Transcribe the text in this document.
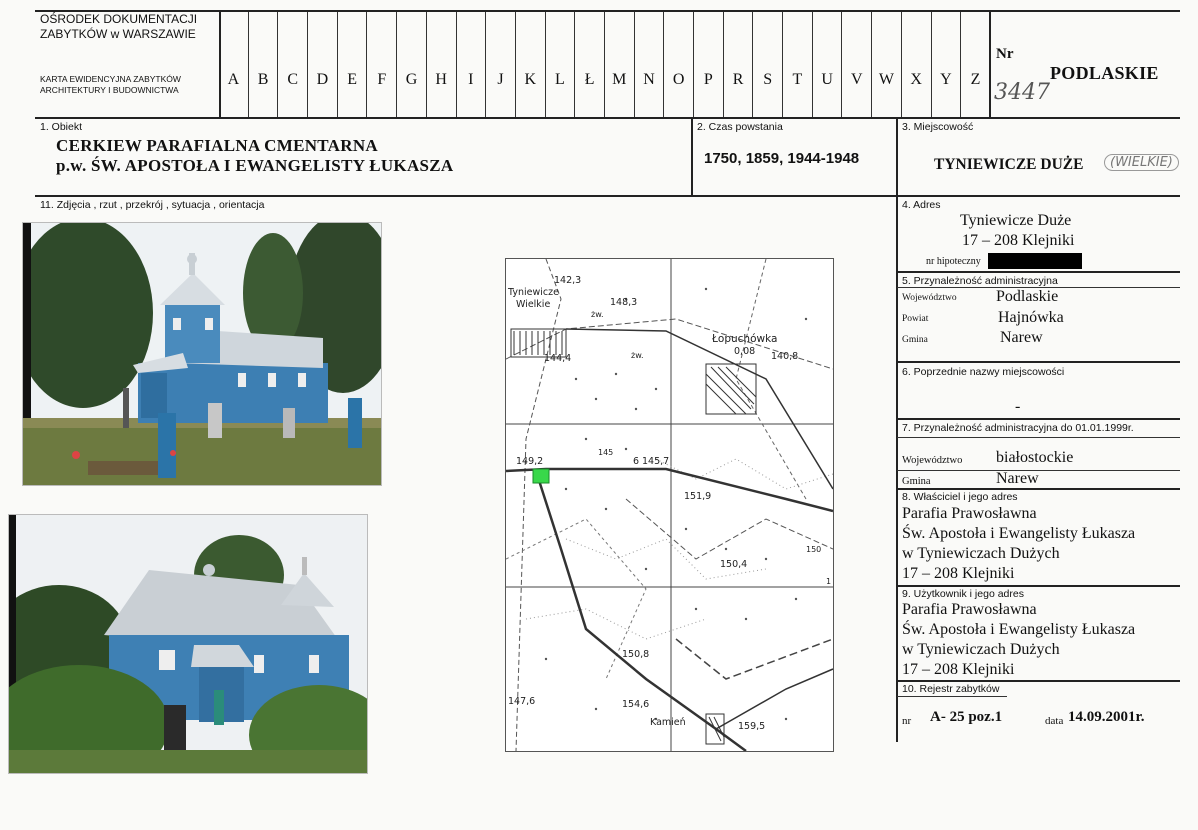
OŚRODEK DOKUMENTACJI
ZABYTKÓW w WARSZAWIE
KARTA EWIDENCYJNA ZABYTKÓW
ARCHITEKTURY I BUDOWNICTWA
A	B	C	D	E	F	G	H	I	J	K	L	Ł	M	N	O	P	R	S	T	U	V	W	X	Y	Z
Nr
PODLASKIE
3447
1. Obiekt
CERKIEW PARAFIALNA CMENTARNA
p.w. ŚW. APOSTOŁA I EWANGELISTY ŁUKASZA
2. Czas powstania
1750, 1859, 1944-1948
3. Miejscowość
TYNIEWICZE DUŻE	(WIELKIE)
11. Zdjęcia , rzut , przekrój , sytuacja , orientacja	4. Adres
Tyniewicze Duże
17 – 208 Klejniki
nr hipoteczny
5. Przynależność administracyjna
Województwo Podlaskie
Powiat	Hajnówka
Gmina	Narew
6. Poprzednie nazwy miejscowości
-
7. Przynależność administracyjna do 01.01.1999r.
Województwo białostockie
Gmina	Narew
8. Właściciel i jego adres
Parafia Prawosławna
Św. Apostoła i Ewangelisty Łukasza
w Tyniewiczach Dużych
17 – 208 Klejniki
9. Użytkownik i jego adres
Parafia Prawosławna
Św. Apostoła i Ewangelisty Łukasza
w Tyniewiczach Dużych
17 – 208 Klejniki
10. Rejestr zabytków
nr A- 25 poz.1	data 14.09.2001r.
142,3
Tyniewicze
Wielkie	148,3
żw.
144,4	żw.
Łopuchówka
0,08 140,8
149,2
145
6 145,7
151,9
150
150,4
150,8
147,6	154,6
Kamień	159,5
1
